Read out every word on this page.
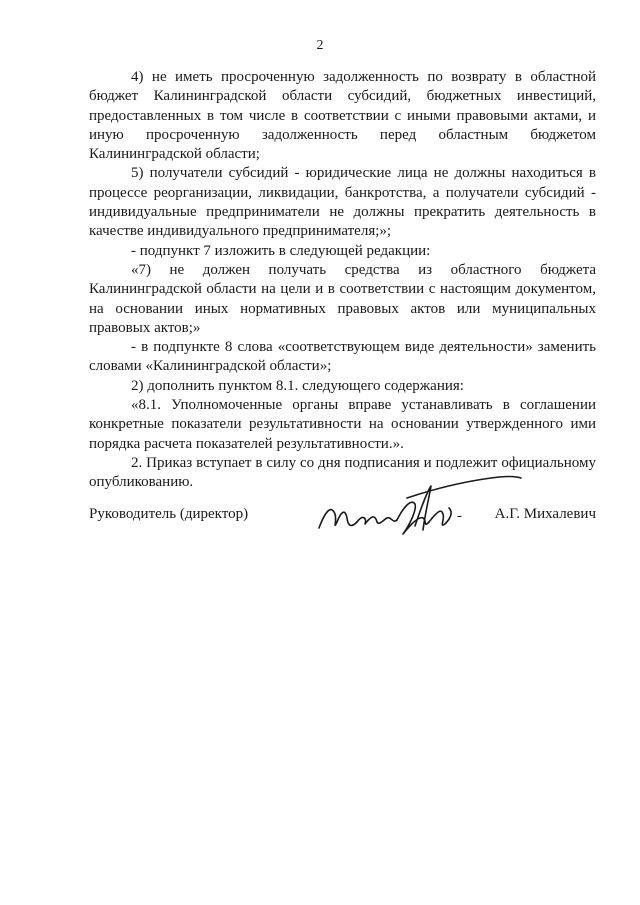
2

4) не иметь просроченную задолженность по возврату в областной бюджет Калининградской области субсидий, бюджетных инвестиций, предоставленных в том числе в соответствии с иными правовыми актами, и иную просроченную задолженность перед областным бюджетом Калининградской области;

5) получатели субсидий - юридические лица не должны находиться в процессе реорганизации, ликвидации, банкротства, а получатели субсидий - индивидуальные предприниматели не должны прекратить деятельность в качестве индивидуального предпринимателя;»;

- подпункт 7 изложить в следующей редакции:

«7) не должен получать средства из областного бюджета Калининградской области на цели и в соответствии с настоящим документом, на основании иных нормативных правовых актов или муниципальных правовых актов;»

- в подпункте 8 слова «соответствующем виде деятельности» заменить словами «Калининградской области»;

2) дополнить пунктом 8.1. следующего содержания:

«8.1. Уполномоченные органы вправе устанавливать в соглашении конкретные показатели результативности на основании утвержденного ими порядка расчета показателей результативности.».

2. Приказ вступает в силу со дня подписания и подлежит официальному опубликованию.

Руководитель (директор)	- А.Г. Михалевич
